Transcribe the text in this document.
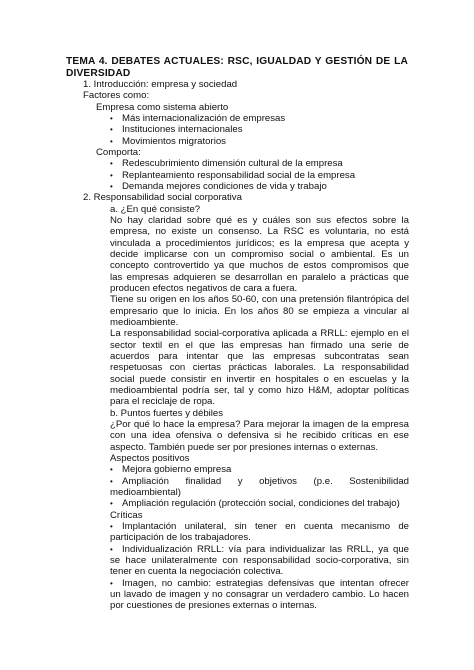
TEMA 4. DEBATES ACTUALES: RSC, IGUALDAD Y GESTIÓN DE LA DIVERSIDAD
1. Introducción: empresa y sociedad
Factores como:
Empresa como sistema abierto
• Más internacionalización de empresas
• Instituciones internacionales
• Movimientos migratorios
Comporta:
• Redescubrimiento dimensión cultural de la empresa
• Replanteamiento responsabilidad social de la empresa
• Demanda mejores condiciones de vida y trabajo
2. Responsabilidad social corporativa
a. ¿En qué consiste?
No hay claridad sobre qué es y cuáles son sus efectos sobre la
empresa, no existe un consenso. La RSC es voluntaria, no está
vinculada a procedimientos jurídicos; es la empresa que acepta y
decide implicarse con un compromiso social o ambiental. Es un
concepto controvertido ya que muchos de estos compromisos que
las empresas adquieren se desarrollan en paralelo a prácticas que
producen efectos negativos de cara a fuera.
Tiene su origen en los años 50-60, con una pretensión filantrópica del
empresario que lo inicia. En los años 80 se empieza a vincular al
medioambiente.
La responsabilidad social-corporativa aplicada a RRLL: ejemplo en el
sector textil en el que las empresas han firmado una serie de
acuerdos para intentar que las empresas subcontratas sean
respetuosas con ciertas prácticas laborales. La responsabilidad
social puede consistir en invertir en hospitales o en escuelas y la
medioambiental podría ser, tal y como hizo H&M, adoptar políticas
para el reciclaje de ropa.
b. Puntos fuertes y débiles
¿Por qué lo hace la empresa? Para mejorar la imagen de la empresa
con una idea ofensiva o defensiva si he recibido críticas en ese
aspecto. También puede ser por presiones internas o externas.
Aspectos positivos
• Mejora gobierno empresa
• Ampliación finalidad y objetivos (p.e. Sostenibilidad
medioambiental)
• Ampliación regulación (protección social, condiciones del trabajo)
Críticas
• Implantación unilateral, sin tener en cuenta mecanismo de
participación de los trabajadores.
• Individualización RRLL: vía para individualizar las RRLL, ya que
se hace unilateralmente con responsabilidad socio-corporativa, sin
tener en cuenta la negociación colectiva.
• Imagen, no cambio: estrategias defensivas que intentan ofrecer
un lavado de imagen y no consagrar un verdadero cambio. Lo hacen
por cuestiones de presiones externas o internas.
